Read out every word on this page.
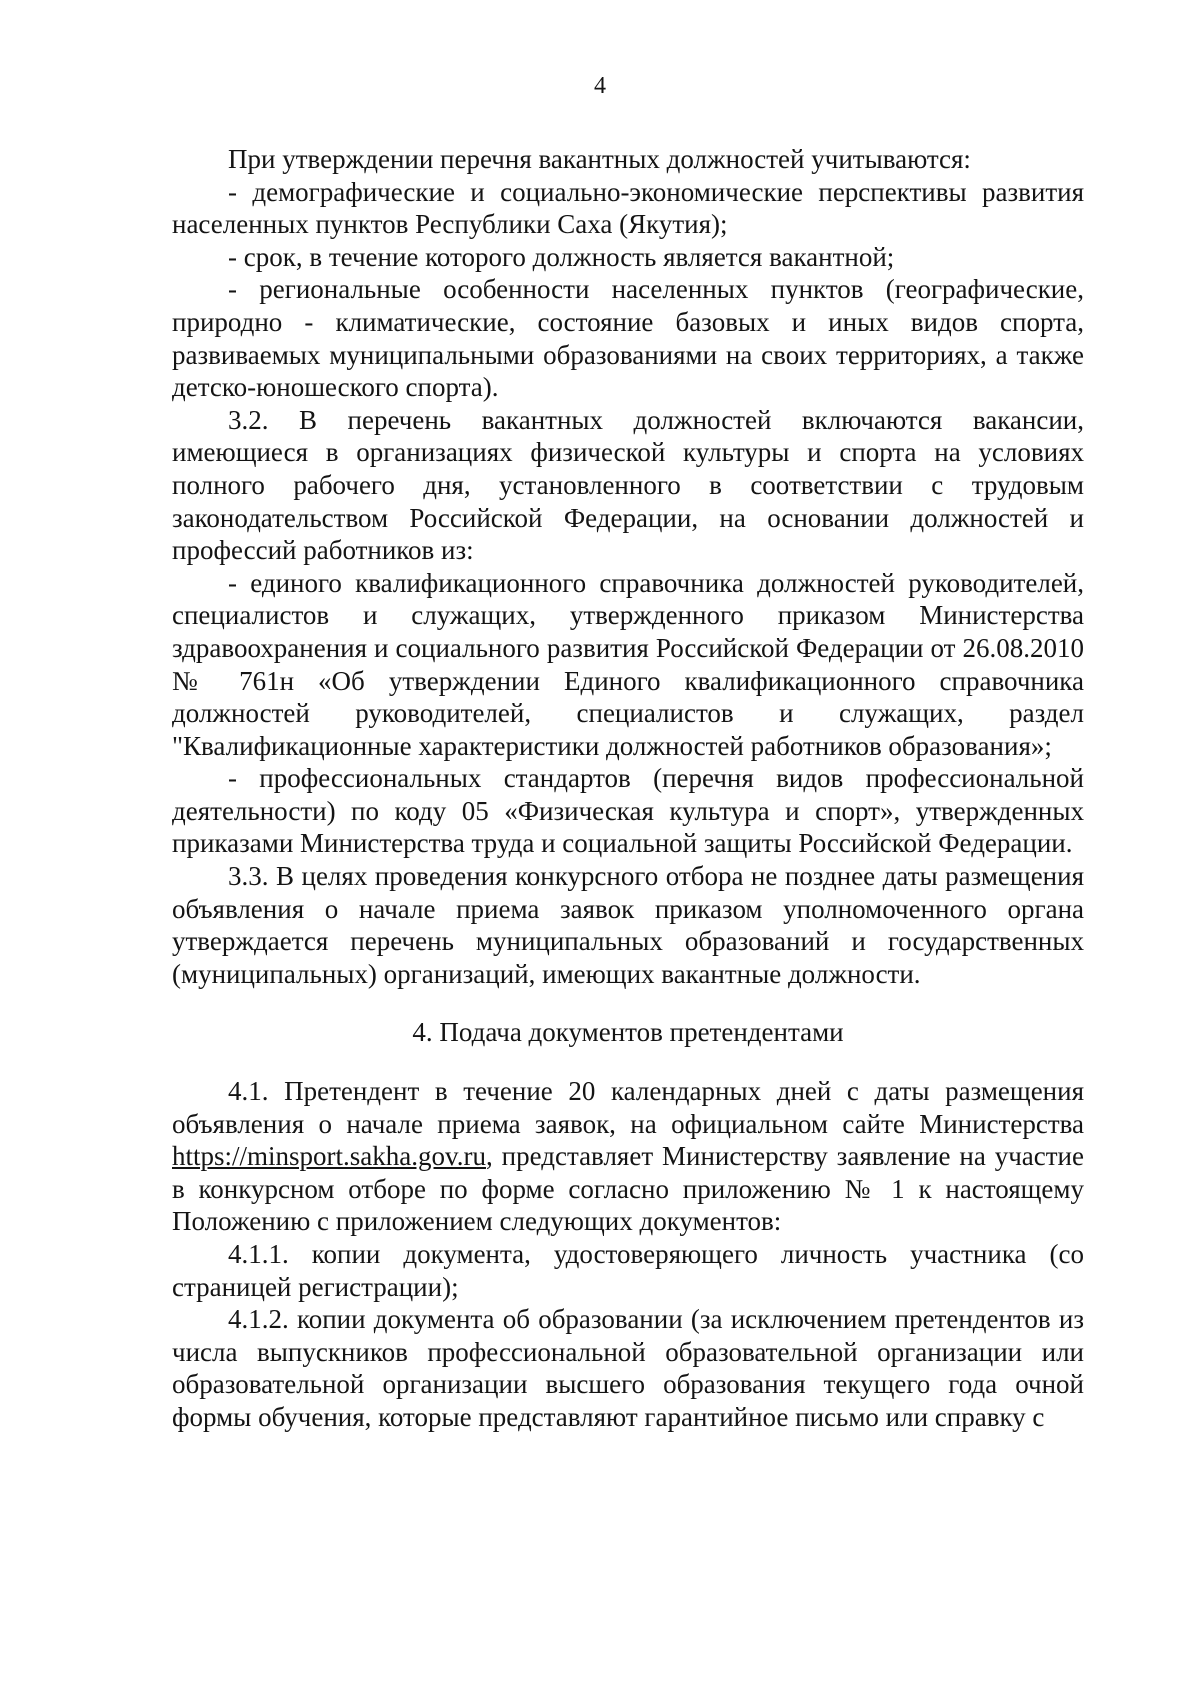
4

При утверждении перечня вакантных должностей учитываются:

- демографические и социально-экономические перспективы развития населенных пунктов Республики Саха (Якутия);

- срок, в течение которого должность является вакантной;

- региональные особенности населенных пунктов (географические, природно - климатические, состояние базовых и иных видов спорта, развиваемых муниципальными образованиями на своих территориях, а также детско-юношеского спорта).

3.2. В перечень вакантных должностей включаются вакансии, имеющиеся в организациях физической культуры и спорта на условиях полного рабочего дня, установленного в соответствии с трудовым законодательством Российской Федерации, на основании должностей и профессий работников из:

- единого квалификационного справочника должностей руководителей, специалистов и служащих, утвержденного приказом Министерства здравоохранения и социального развития Российской Федерации от 26.08.2010 № 761н «Об утверждении Единого квалификационного справочника должностей руководителей, специалистов и служащих, раздел "Квалификационные характеристики должностей работников образования»;

- профессиональных стандартов (перечня видов профессиональной деятельности) по коду 05 «Физическая культура и спорт», утвержденных приказами Министерства труда и социальной защиты Российской Федерации.

3.3. В целях проведения конкурсного отбора не позднее даты размещения объявления о начале приема заявок приказом уполномоченного органа утверждается перечень муниципальных образований и государственных (муниципальных) организаций, имеющих вакантные должности.

4. Подача документов претендентами

4.1. Претендент в течение 20 календарных дней с даты размещения объявления о начале приема заявок, на официальном сайте Министерства https://minsport.sakha.gov.ru, представляет Министерству заявление на участие в конкурсном отборе по форме согласно приложению № 1 к настоящему Положению с приложением следующих документов:

4.1.1. копии документа, удостоверяющего личность участника (со страницей регистрации);

4.1.2. копии документа об образовании (за исключением претендентов из числа выпускников профессиональной образовательной организации или образовательной организации высшего образования текущего года очной формы обучения, которые представляют гарантийное письмо или справку с
